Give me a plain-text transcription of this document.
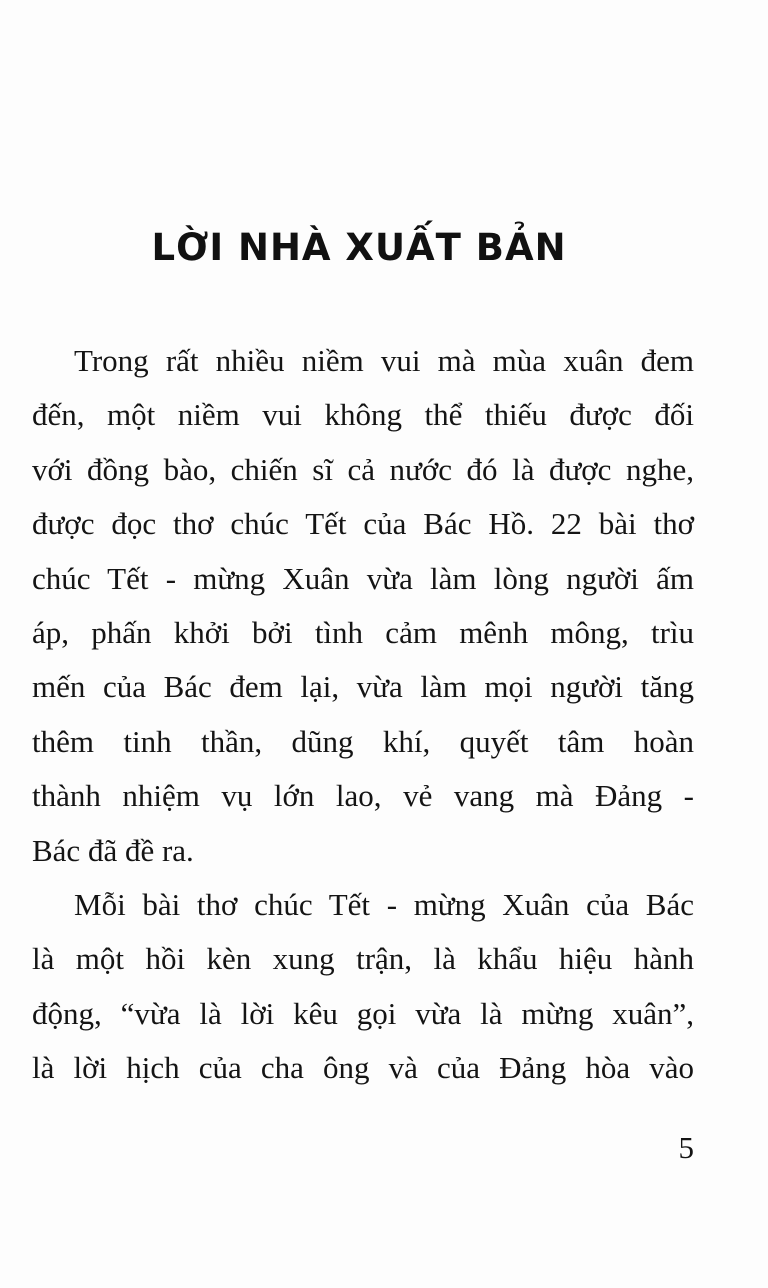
LỜI NHÀ XUẤT BẢN
Trong rất nhiều niềm vui mà mùa xuân đem
đến, một niềm vui không thể thiếu được đối
với đồng bào, chiến sĩ cả nước đó là được nghe,
được đọc thơ chúc Tết của Bác Hồ. 22 bài thơ
chúc Tết - mừng Xuân vừa làm lòng người ấm
áp, phấn khởi bởi tình cảm mênh mông, trìu
mến của Bác đem lại, vừa làm mọi người tăng
thêm tinh thần, dũng khí, quyết tâm hoàn
thành nhiệm vụ lớn lao, vẻ vang mà Đảng -
Bác đã đề ra.
Mỗi bài thơ chúc Tết - mừng Xuân của Bác
là một hồi kèn xung trận, là khẩu hiệu hành
động, “vừa là lời kêu gọi vừa là mừng xuân”,
là lời hịch của cha ông và của Đảng hòa vào
5
